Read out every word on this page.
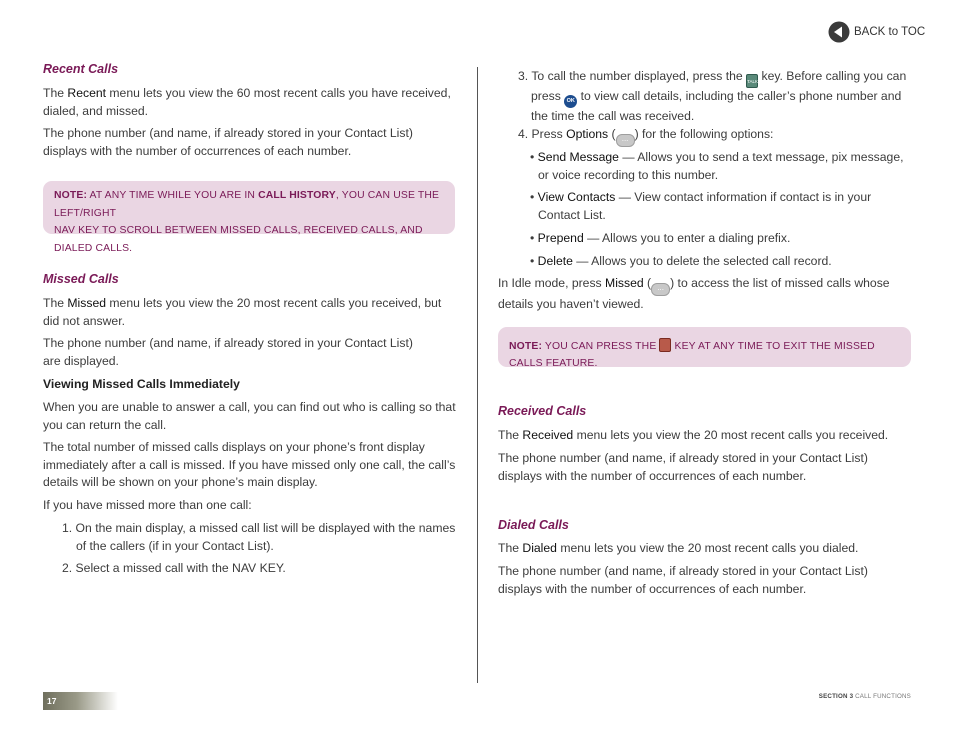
BACK to TOC

Recent Calls

The Recent menu lets you view the 60 most recent calls you have received,

dialed, and missed.

The phone number (and name, if already stored in your Contact List)

displays with the number of occurrences of each number.

NOTE: AT ANY TIME WHILE YOU ARE IN CALL HISTORY, YOU CAN USE THE LEFT/RIGHT
NAV KEY TO SCROLL BETWEEN MISSED CALLS, RECEIVED CALLS, AND DIALED CALLS.

Missed Calls

The Missed menu lets you view the 20 most recent calls you received, but

did not answer.

The phone number (and name, if already stored in your Contact List)

are displayed.

Viewing Missed Calls Immediately

When you are unable to answer a call, you can find out who is calling so that

you can return the call.

The total number of missed calls displays on your phone’s front display

immediately after a call is missed. If you have missed only one call, the call’s

details will be shown on your phone’s main display.

If you have missed more than one call:

1. On the main display, a missed call list will be displayed with the names

of the callers (if in your Contact List).

2. Select a missed call with the NAV KEY.

3. To call the number displayed, press the TALK key. Before calling you can

press OK to view call details, including the caller’s phone number and

the time the call was received.

4. Press Options ( ... ) for the following options:

• Send Message — Allows you to send a text message, pix message,

or voice recording to this number.

• View Contacts — View contact information if contact is in your

Contact List.

• Prepend — Allows you to enter a dialing prefix.

• Delete — Allows you to delete the selected call record.

In Idle mode, press Missed ( ... ) to access the list of missed calls whose

details you haven’t viewed.

NOTE: YOU CAN PRESS THE  KEY AT ANY TIME TO EXIT THE MISSED CALLS FEATURE.

Received Calls

The Received menu lets you view the 20 most recent calls you received.

The phone number (and name, if already stored in your Contact List)

displays with the number of occurrences of each number.

Dialed Calls

The Dialed menu lets you view the 20 most recent calls you dialed.

The phone number (and name, if already stored in your Contact List)

displays with the number of occurrences of each number.

17	SECTION 3 CALL FUNCTIONS
